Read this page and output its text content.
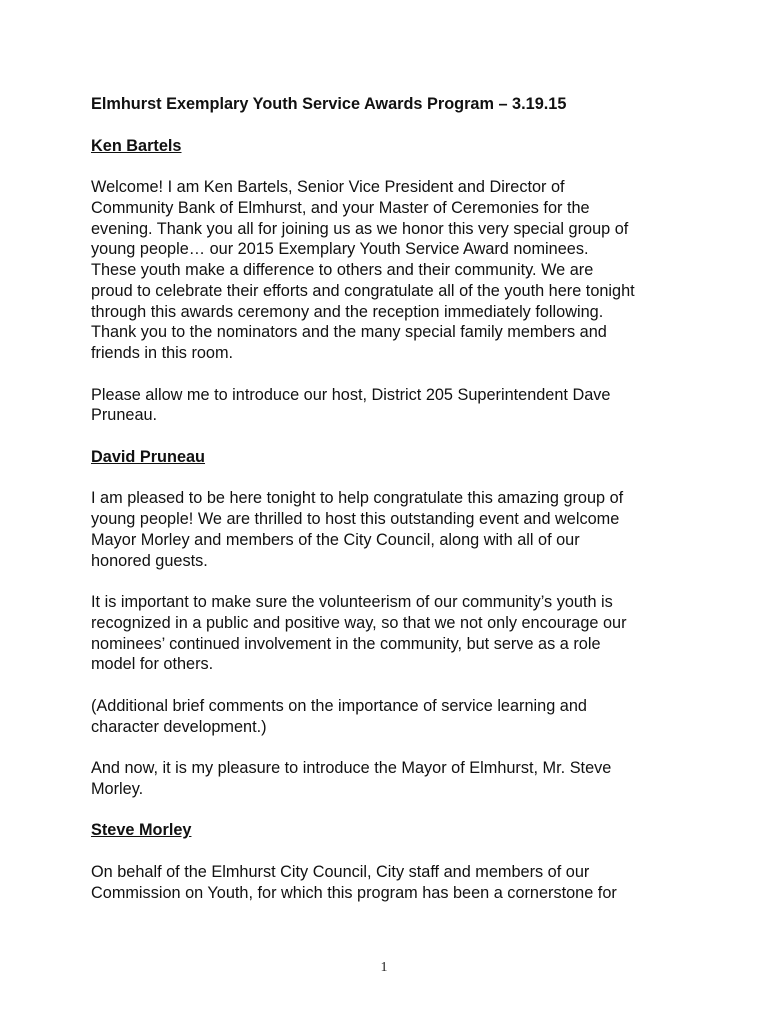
Elmhurst Exemplary Youth Service Awards Program – 3.19.15

Ken Bartels

Welcome! I am Ken Bartels, Senior Vice President and Director of
Community Bank of Elmhurst, and your Master of Ceremonies for the
evening. Thank you all for joining us as we honor this very special group of
young people… our 2015 Exemplary Youth Service Award nominees.
These youth make a difference to others and their community. We are
proud to celebrate their efforts and congratulate all of the youth here tonight
through this awards ceremony and the reception immediately following.
Thank you to the nominators and the many special family members and
friends in this room.

Please allow me to introduce our host, District 205 Superintendent Dave
Pruneau.

David Pruneau

I am pleased to be here tonight to help congratulate this amazing group of
young people! We are thrilled to host this outstanding event and welcome
Mayor Morley and members of the City Council, along with all of our
honored guests.

It is important to make sure the volunteerism of our community’s youth is
recognized in a public and positive way, so that we not only encourage our
nominees’ continued involvement in the community, but serve as a role
model for others.

(Additional brief comments on the importance of service learning and
character development.)

And now, it is my pleasure to introduce the Mayor of Elmhurst, Mr. Steve
Morley.

Steve Morley

On behalf of the Elmhurst City Council, City staff and members of our
Commission on Youth, for which this program has been a cornerstone for

1
